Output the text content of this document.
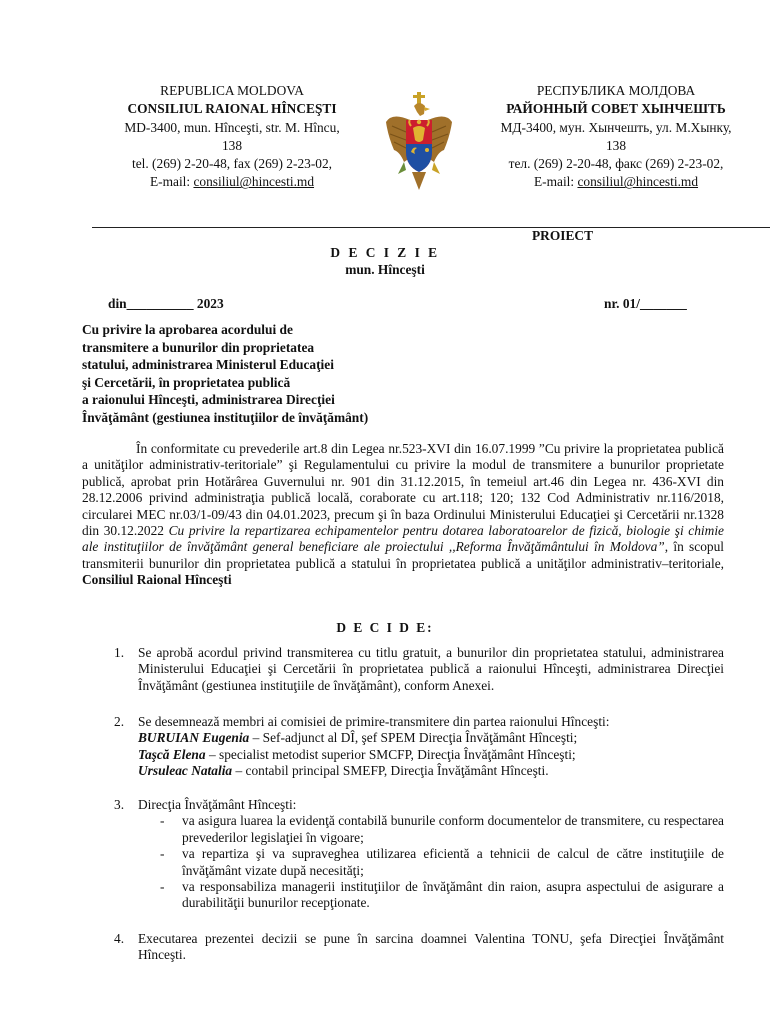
REPUBLICA MOLDOVA
CONSILIUL RAIONAL HÎNCEŞTI
MD-3400, mun. Hînceşti, str. M. Hîncu,
138
tel. (269) 2-20-48, fax (269) 2-23-02,
E-mail: consiliul@hincesti.md
РЕСПУБЛИКА МОЛДОВА
РАЙОННЫЙ СОВЕТ ХЫНЧЕШТЬ
МД-3400, мун. Хынчешть, ул. М.Хынку,
138
тел. (269) 2-20-48, факс (269) 2-23-02,
E-mail: consiliul@hincesti.md
PROIECT
D E C I Z I E
mun. Hînceşti
din__________ 2023	nr. 01/_______
Cu privire la aprobarea acordului de
transmitere a bunurilor din proprietatea
statului, administrarea Ministerul Educaţiei
şi Cercetării, în proprietatea publică
a raionului Hînceşti, administrarea Direcţiei
Învăţământ (gestiunea instituţiilor de învăţământ)
În conformitate cu prevederile art.8 din Legea nr.523-XVI din 16.07.1999 ”Cu privire la proprietatea publică a unităţilor administrativ-teritoriale” şi Regulamentului cu privire la modul de transmitere a bunurilor proprietate publică, aprobat prin Hotărârea Guvernului nr. 901 din 31.12.2015, în temeiul art.46 din Legea nr. 436-XVI din 28.12.2006 privind administraţia publică locală, coraborate cu art.118; 120; 132 Cod Administrativ nr.116/2018, circularei MEC nr.03/1-09/43 din 04.01.2023, precum şi în baza Ordinului Ministerului Educaţiei şi Cercetării nr.1328 din 30.12.2022 Cu privire la repartizarea echipamentelor pentru dotarea laboratoarelor de fizică, biologie şi chimie ale instituţiilor de învăţământ general beneficiare ale proiectului ,,Reforma Învăţământului în Moldova”, în scopul transmiterii bunurilor din proprietatea publică a statului în proprietatea publică a unităţilor administrativ–teritoriale, Consiliul Raional Hînceşti
D E C I D E:
1. Se aprobă acordul privind transmiterea cu titlu gratuit, a bunurilor din proprietatea statului, administrarea Ministerului Educaţiei şi Cercetării în proprietatea publică a raionului Hînceşti, administrarea Direcţiei Învăţământ (gestiunea instituţiile de învăţământ), conform Anexei.
2. Se desemnează membri ai comisiei de primire-transmitere din partea raionului Hînceşti:
BURUIAN Eugenia – Sef-adjunct al DÎ, şef SPEM Direcţia Învăţământ Hînceşti;
Taşcă Elena – specialist metodist superior SMCFP, Direcţia Învăţământ Hînceşti;
Ursuleac Natalia – contabil principal SMEFP, Direcţia Învăţământ Hînceşti.
3. Direcţia Învăţământ Hînceşti:
- va asigura luarea la evidenţă contabilă bunurile conform documentelor de transmitere, cu respectarea prevederilor legislaţiei în vigoare;
- va repartiza şi va supraveghea utilizarea eficientă a tehnicii de calcul de către instituţiile de învăţământ vizate după necesităţi;
- va responsabiliza managerii instituţiilor de învăţământ din raion, asupra aspectului de asigurare a durabilităţii bunurilor recepţionate.
4. Executarea prezentei decizii se pune în sarcina doamnei Valentina TONU, şefa Direcţiei Învăţământ Hînceşti.
